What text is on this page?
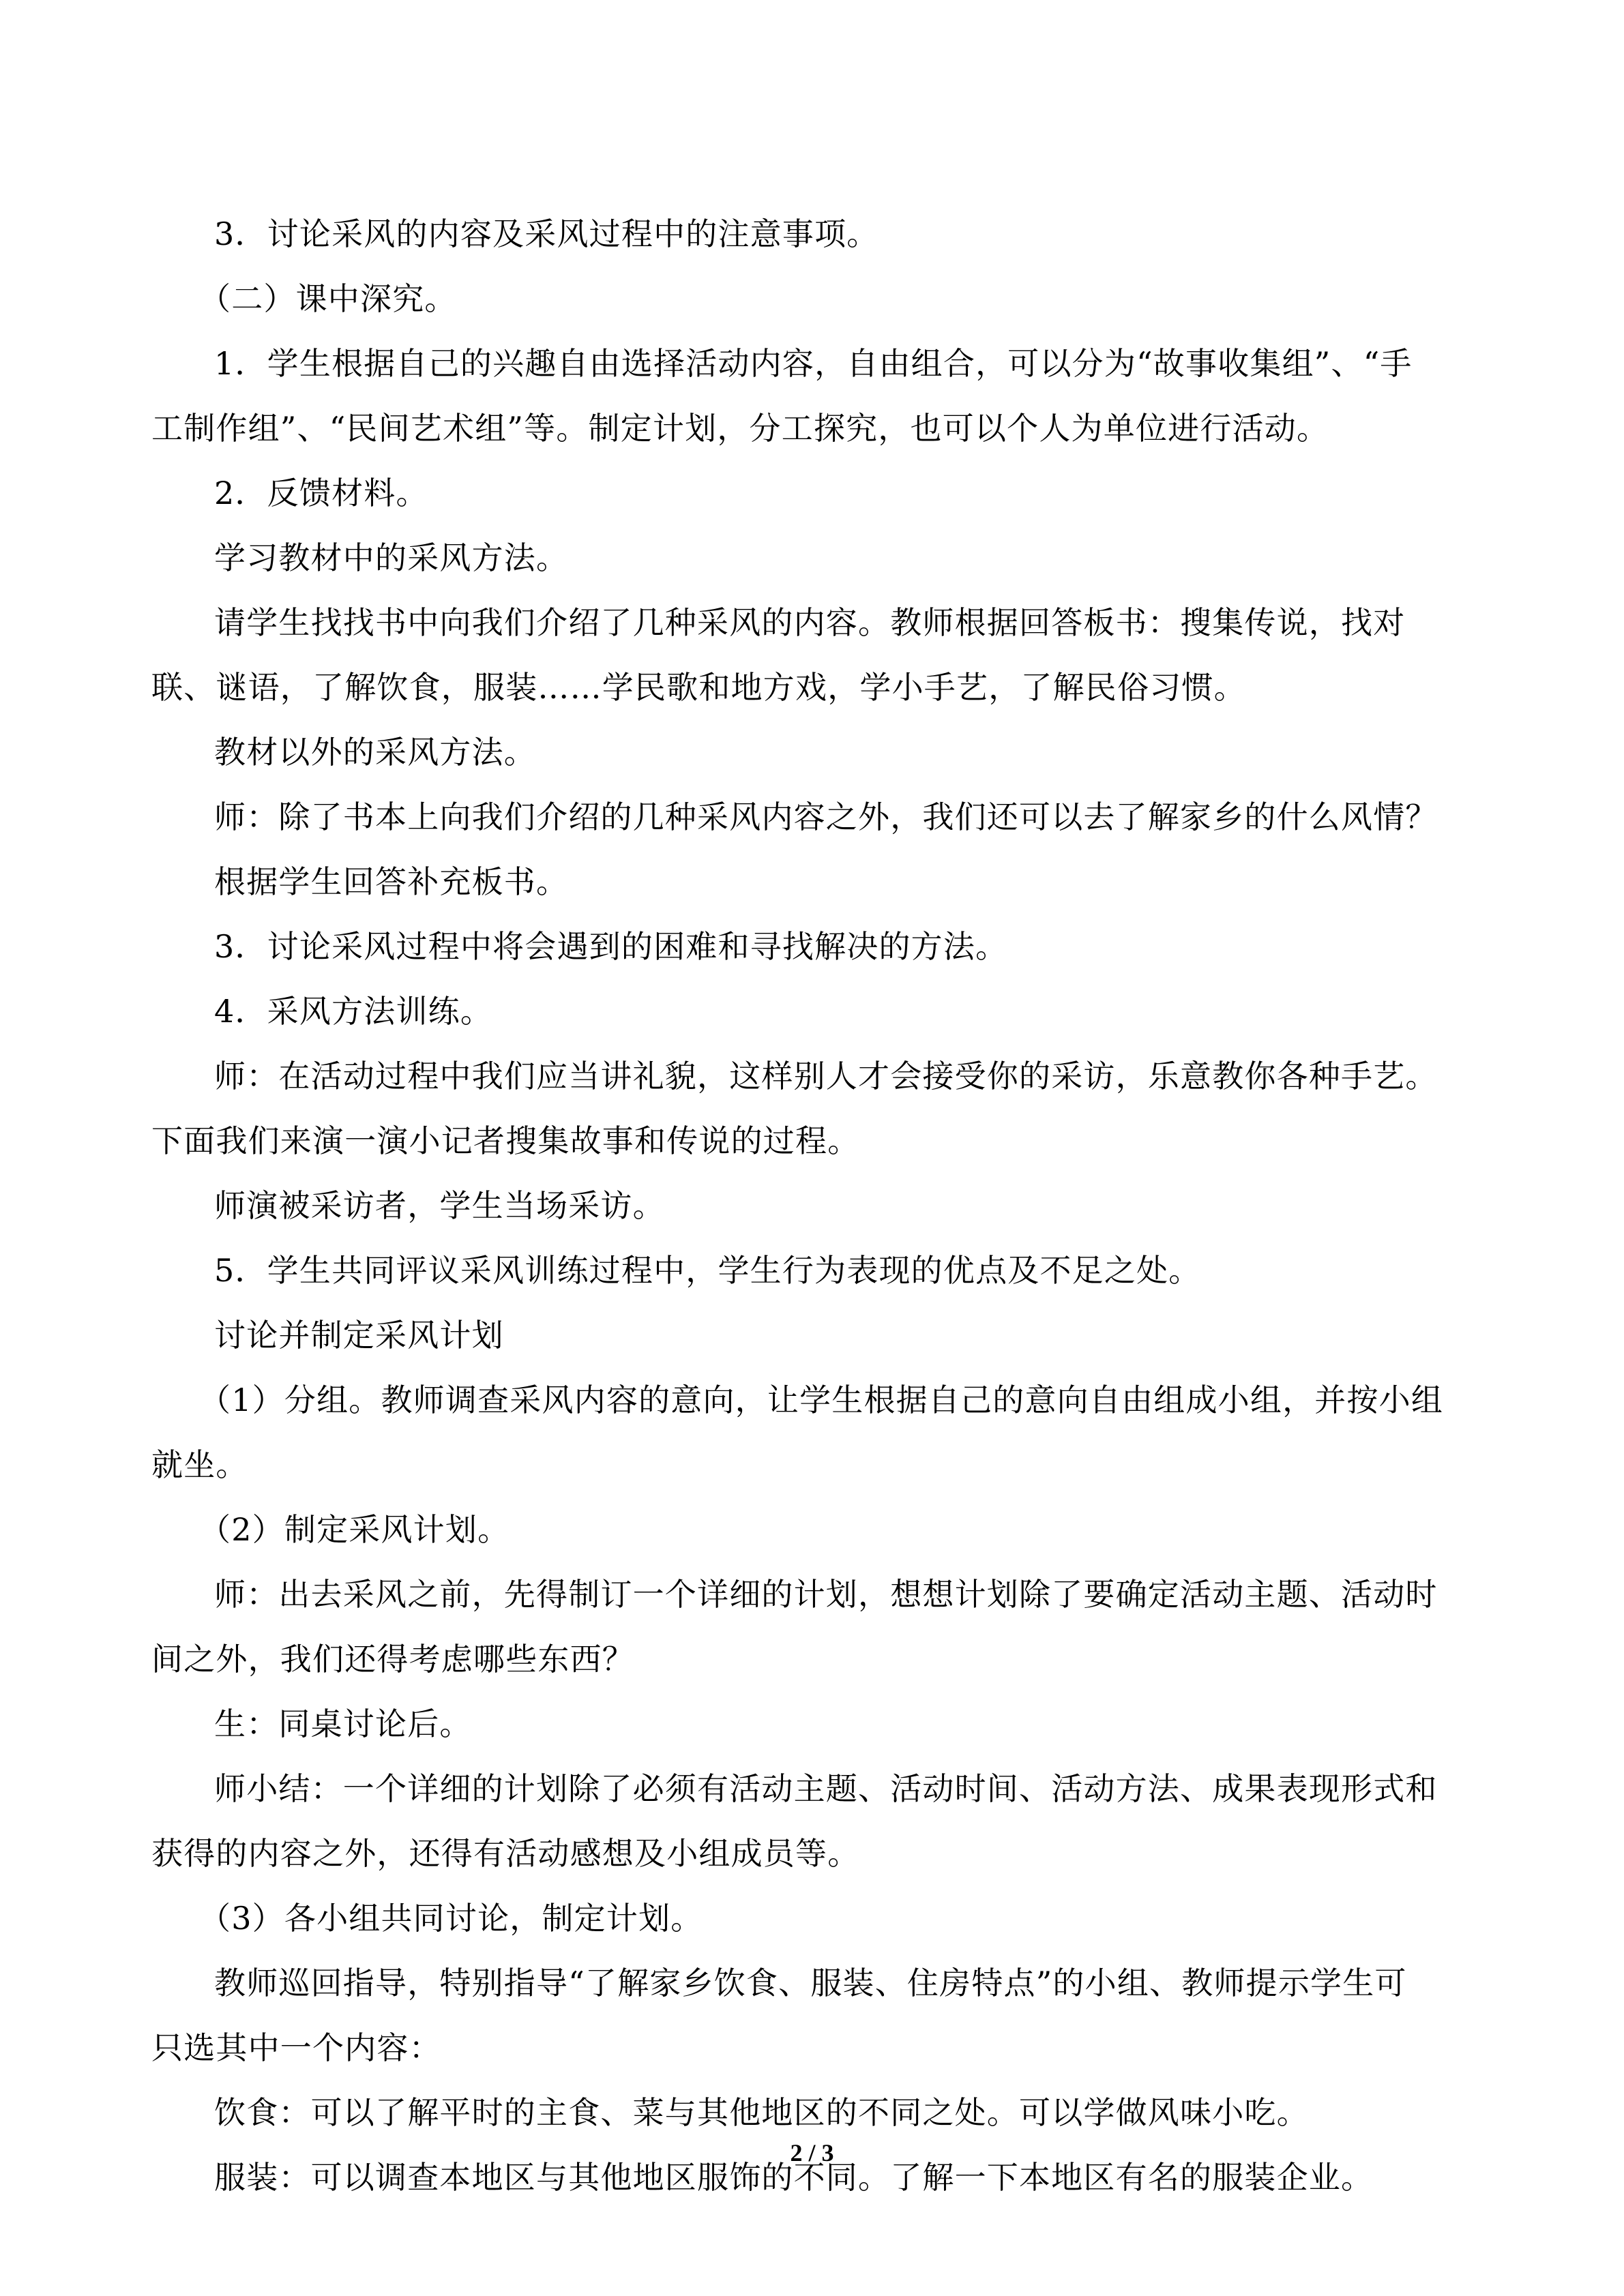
3．讨论采风的内容及采风过程中的注意事项。

（二）课中深究。

1．学生根据自己的兴趣自由选择活动内容，自由组合，可以分为“故事收集组”、“手

工制作组”、“民间艺术组”等。制定计划，分工探究，也可以个人为单位进行活动。

2．反馈材料。

学习教材中的采风方法。

请学生找找书中向我们介绍了几种采风的内容。教师根据回答板书：搜集传说，找对

联、谜语，了解饮食，服装……学民歌和地方戏，学小手艺，了解民俗习惯。

教材以外的采风方法。

师：除了书本上向我们介绍的几种采风内容之外，我们还可以去了解家乡的什么风情？

根据学生回答补充板书。

3．讨论采风过程中将会遇到的困难和寻找解决的方法。

4．采风方法训练。

师：在活动过程中我们应当讲礼貌，这样别人才会接受你的采访，乐意教你各种手艺。

下面我们来演一演小记者搜集故事和传说的过程。

师演被采访者，学生当场采访。

5．学生共同评议采风训练过程中，学生行为表现的优点及不足之处。

讨论并制定采风计划

（1）分组。教师调查采风内容的意向，让学生根据自己的意向自由组成小组，并按小组

就坐。

（2）制定采风计划。

师：出去采风之前，先得制订一个详细的计划，想想计划除了要确定活动主题、活动时

间之外，我们还得考虑哪些东西？

生：同桌讨论后。

师小结：一个详细的计划除了必须有活动主题、活动时间、活动方法、成果表现形式和

获得的内容之外，还得有活动感想及小组成员等。

（3）各小组共同讨论，制定计划。

教师巡回指导，特别指导“了解家乡饮食、服装、住房特点”的小组、教师提示学生可

只选其中一个内容：

饮食：可以了解平时的主食、菜与其他地区的不同之处。可以学做风味小吃。

服装：可以调查本地区与其他地区服饰的不同。了解一下本地区有名的服装企业。

2 / 3
